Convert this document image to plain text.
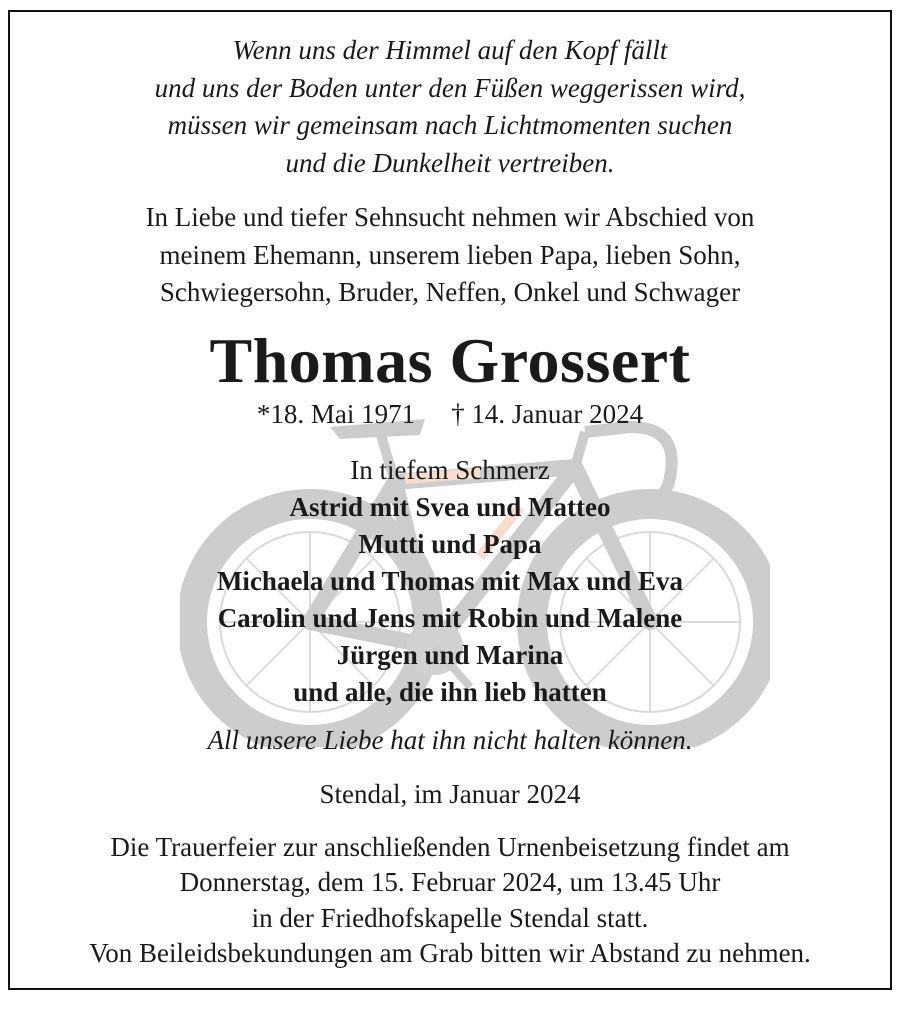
Wenn uns der Himmel auf den Kopf fällt
und uns der Boden unter den Füßen weggerissen wird,
müssen wir gemeinsam nach Lichtmomenten suchen
und die Dunkelheit vertreiben.
In Liebe und tiefer Sehnsucht nehmen wir Abschied von
meinem Ehemann, unserem lieben Papa, lieben Sohn,
Schwiegersohn, Bruder, Neffen, Onkel und Schwager
Thomas Grossert
*18. Mai 1971 † 14. Januar 2024
In tiefem Schmerz
Astrid mit Svea und Matteo
Mutti und Papa
Michaela und Thomas mit Max und Eva
Carolin und Jens mit Robin und Malene
Jürgen und Marina
und alle, die ihn lieb hatten
All unsere Liebe hat ihn nicht halten können.
Stendal, im Januar 2024
Die Trauerfeier zur anschließenden Urnenbeisetzung findet am
Donnerstag, dem 15. Februar 2024, um 13.45 Uhr
in der Friedhofskapelle Stendal statt.
Von Beileidsbekundungen am Grab bitten wir Abstand zu nehmen.
